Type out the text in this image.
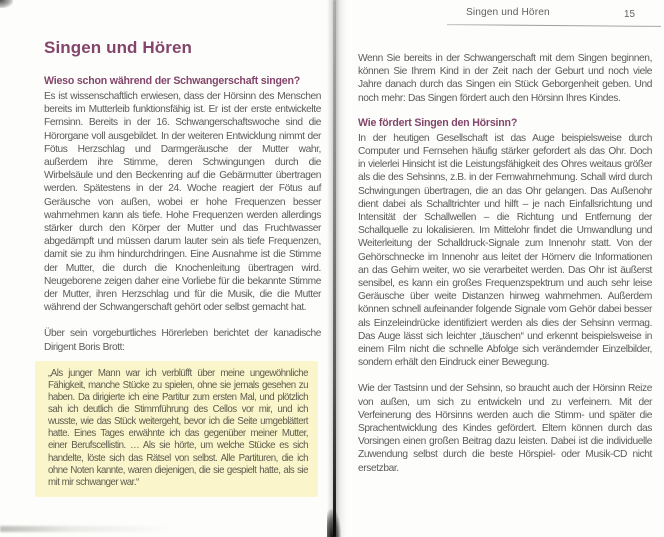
Singen und Hören
Wieso schon während der Schwangerschaft singen?

Es ist wissenschaftlich erwiesen, dass der Hörsinn des Menschen bereits im Mutterleib funktionsfähig ist. Er ist der erste entwickelte Fernsinn. Bereits in der 16. Schwangerschaftswoche sind die Hörorgane voll ausgebildet. In der weiteren Entwicklung nimmt der Fötus Herzschlag und Darmgeräusche der Mutter wahr, außerdem ihre Stimme, deren Schwingungen durch die Wirbelsäule und den Beckenring auf die Gebärmutter übertragen werden. Spätestens in der 24. Woche reagiert der Fötus auf Geräusche von außen, wobei er hohe Frequenzen besser wahrnehmen kann als tiefe. Hohe Frequenzen werden allerdings stärker durch den Körper der Mutter und das Fruchtwasser abgedämpft und müssen darum lauter sein als tiefe Frequenzen, damit sie zu ihm hindurchdringen. Eine Ausnahme ist die Stimme der Mutter, die durch die Knochenleitung übertragen wird. Neugeborene zeigen daher eine Vorliebe für die bekannte Stimme der Mutter, ihren Herzschlag und für die Musik, die die Mutter während der Schwangerschaft gehört oder selbst gemacht hat.

Über sein vorgeburtliches Hörerleben berichtet der kanadische Dirigent Boris Brott:

„Als junger Mann war ich verblüfft über meine ungewöhnliche Fähigkeit, manche Stücke zu spielen, ohne sie jemals gesehen zu haben. Da dirigierte ich eine Partitur zum ersten Mal, und plötzlich sah ich deutlich die Stimmführung des Cellos vor mir, und ich wusste, wie das Stück weitergeht, bevor ich die Seite umgeblättert hatte. Eines Tages erwähnte ich das gegenüber meiner Mutter, einer Berufscellistin. … Als sie hörte, um welche Stücke es sich handelte, löste sich das Rätsel von selbst. Alle Partituren, die ich ohne Noten kannte, waren diejenigen, die sie gespielt hatte, als sie mit mir schwanger war.“

Singen und Hören	15

Wenn Sie bereits in der Schwangerschaft mit dem Singen beginnen, können Sie Ihrem Kind in der Zeit nach der Geburt und noch viele Jahre danach durch das Singen ein Stück Geborgenheit geben. Und noch mehr: Das Singen fördert auch den Hörsinn Ihres Kindes.

Wie fördert Singen den Hörsinn?

In der heutigen Gesellschaft ist das Auge beispielsweise durch Computer und Fernsehen häufig stärker gefordert als das Ohr. Doch in vielerlei Hinsicht ist die Leistungsfähigkeit des Ohres weitaus größer als die des Sehsinns, z.B. in der Fernwahrnehmung. Schall wird durch Schwingungen übertragen, die an das Ohr gelangen. Das Außenohr dient dabei als Schalltrichter und hilft – je nach Einfallsrichtung und Intensität der Schallwellen – die Richtung und Entfernung der Schallquelle zu lokalisieren. Im Mittelohr findet die Umwandlung und Weiterleitung der Schalldruck-Signale zum Innenohr statt. Von der Gehörschnecke im Innenohr aus leitet der Hörnerv die Informationen an das Gehirn weiter, wo sie verarbeitet werden. Das Ohr ist äußerst sensibel, es kann ein großes Frequenzspektrum und auch sehr leise Geräusche über weite Distanzen hinweg wahrnehmen. Außerdem können schnell aufeinander folgende Signale vom Gehör dabei besser als Einzeleindrücke identifiziert werden als dies der Sehsinn vermag. Das Auge lässt sich leichter „täuschen“ und erkennt beispielsweise in einem Film nicht die schnelle Abfolge sich verändernder Einzelbilder, sondern erhält den Eindruck einer Bewegung.

Wie der Tastsinn und der Sehsinn, so braucht auch der Hörsinn Reize von außen, um sich zu entwickeln und zu verfeinern. Mit der Verfeinerung des Hörsinns werden auch die Stimm- und später die Sprachentwicklung des Kindes gefördert. Eltern können durch das Vorsingen einen großen Beitrag dazu leisten. Dabei ist die individuelle Zuwendung selbst durch die beste Hörspiel- oder Musik-CD nicht ersetzbar.
